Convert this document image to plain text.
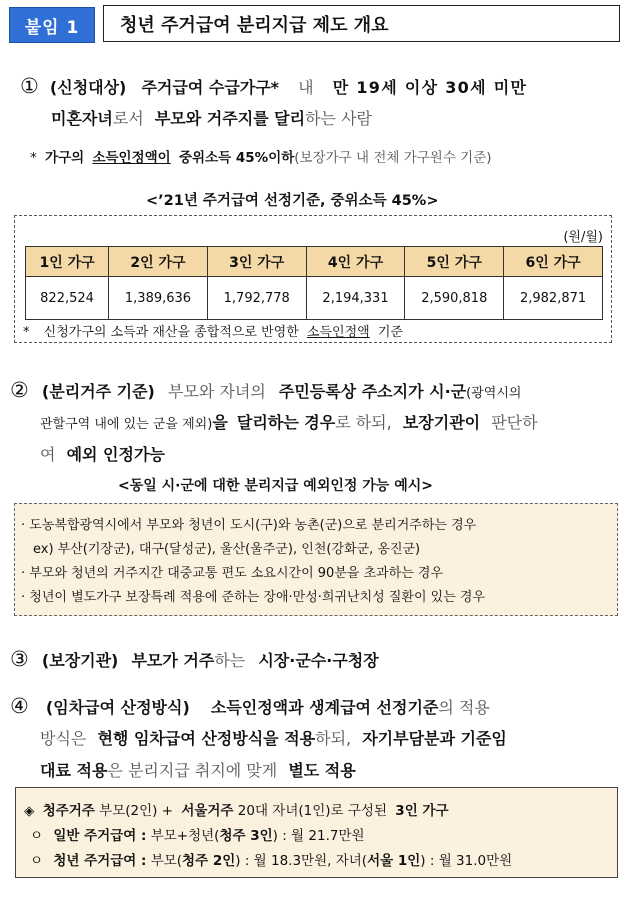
붙임 1	청년 주거급여 분리지급 제도 개요
① (신청대상) 주거급여 수급가구* 내 만 19세 이상 30세 미만
미혼자녀로서 부모와 거주지를 달리하는 사람
* 가구의 소득인정액이 중위소득 45%이하(보장가구 내 전체 가구원수 기준)
<’21년 주거급여 선정기준, 중위소득 45%>
(원/월)
1인 가구	2인 가구	3인 가구	4인 가구	5인 가구	6인 가구
822,524	1,389,636	1,792,778	2,194,331	2,590,818	2,982,871
* 신청가구의 소득과 재산을 종합적으로 반영한 소득인정액 기준
② (분리거주 기준) 부모와 자녀의 주민등록상 주소지가 시·군(광역시의
관할구역 내에 있는 군을 제외)을 달리하는 경우로 하되, 보장기관이 판단하
여 예외 인정가능
<동일 시·군에 대한 분리지급 예외인정 가능 예시>
· 도농복합광역시에서 부모와 청년이 도시(구)와 농촌(군)으로 분리거주하는 경우
ex) 부산(기장군), 대구(달성군), 울산(울주군), 인천(강화군, 옹진군)
· 부모와 청년의 거주지간 대중교통 편도 소요시간이 90분을 초과하는 경우
· 청년이 별도가구 보장특례 적용에 준하는 장애·만성·희귀난치성 질환이 있는 경우
③ (보장기관) 부모가 거주하는 시장·군수·구청장
④ (임차급여 산정방식) 소득인정액과 생계급여 선정기준의 적용
방식은 현행 임차급여 산정방식을 적용하되, 자기부담분과 기준임
대료 적용은 분리지급 취지에 맞게 별도 적용
◈ 청주거주 부모(2인) + 서울거주 20대 자녀(1인)로 구성된 3인 가구
ㅇ 일반 주거급여 : 부모+청년(청주 3인) : 월 21.7만원
ㅇ 청년 주거급여 : 부모(청주 2인) : 월 18.3만원, 자녀(서울 1인) : 월 31.0만원
